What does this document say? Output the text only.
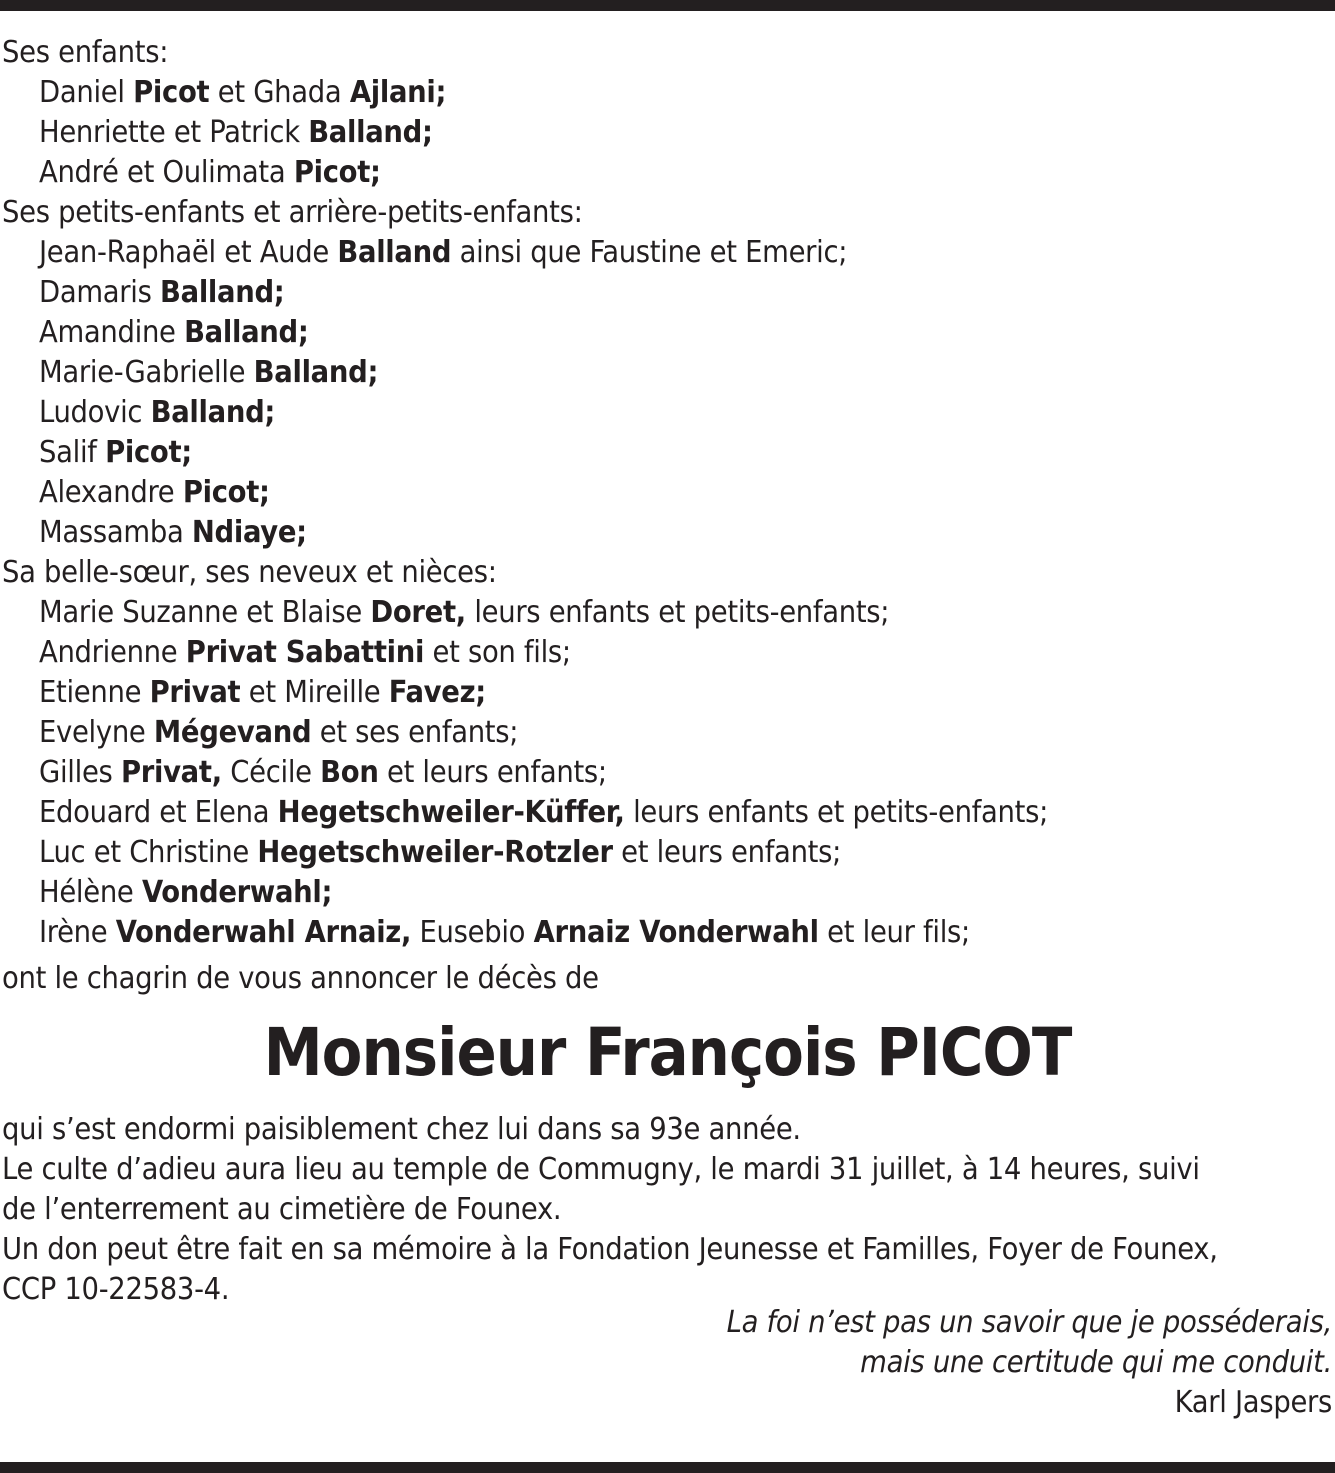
Ses enfants:
Daniel Picot et Ghada Ajlani;
Henriette et Patrick Balland;
André et Oulimata Picot;
Ses petits-enfants et arrière-petits-enfants:
Jean-Raphaël et Aude Balland ainsi que Faustine et Emeric;
Damaris Balland;
Amandine Balland;
Marie-Gabrielle Balland;
Ludovic Balland;
Salif Picot;
Alexandre Picot;
Massamba Ndiaye;
Sa belle-sœur, ses neveux et nièces:
Marie Suzanne et Blaise Doret, leurs enfants et petits-enfants;
Andrienne Privat Sabattini et son fils;
Etienne Privat et Mireille Favez;
Evelyne Mégevand et ses enfants;
Gilles Privat, Cécile Bon et leurs enfants;
Edouard et Elena Hegetschweiler-Küffer, leurs enfants et petits-enfants;
Luc et Christine Hegetschweiler-Rotzler et leurs enfants;
Hélène Vonderwahl;
Irène Vonderwahl Arnaiz, Eusebio Arnaiz Vonderwahl et leur fils;
ont le chagrin de vous annoncer le décès de
Monsieur François PICOT
qui s’est endormi paisiblement chez lui dans sa 93e année.
Le culte d’adieu aura lieu au temple de Commugny, le mardi 31 juillet, à 14 heures, suivi
de l’enterrement au cimetière de Founex.
Un don peut être fait en sa mémoire à la Fondation Jeunesse et Familles, Foyer de Founex,
CCP 10-22583-4.
La foi n’est pas un savoir que je posséderais,
mais une certitude qui me conduit.
Karl Jaspers
